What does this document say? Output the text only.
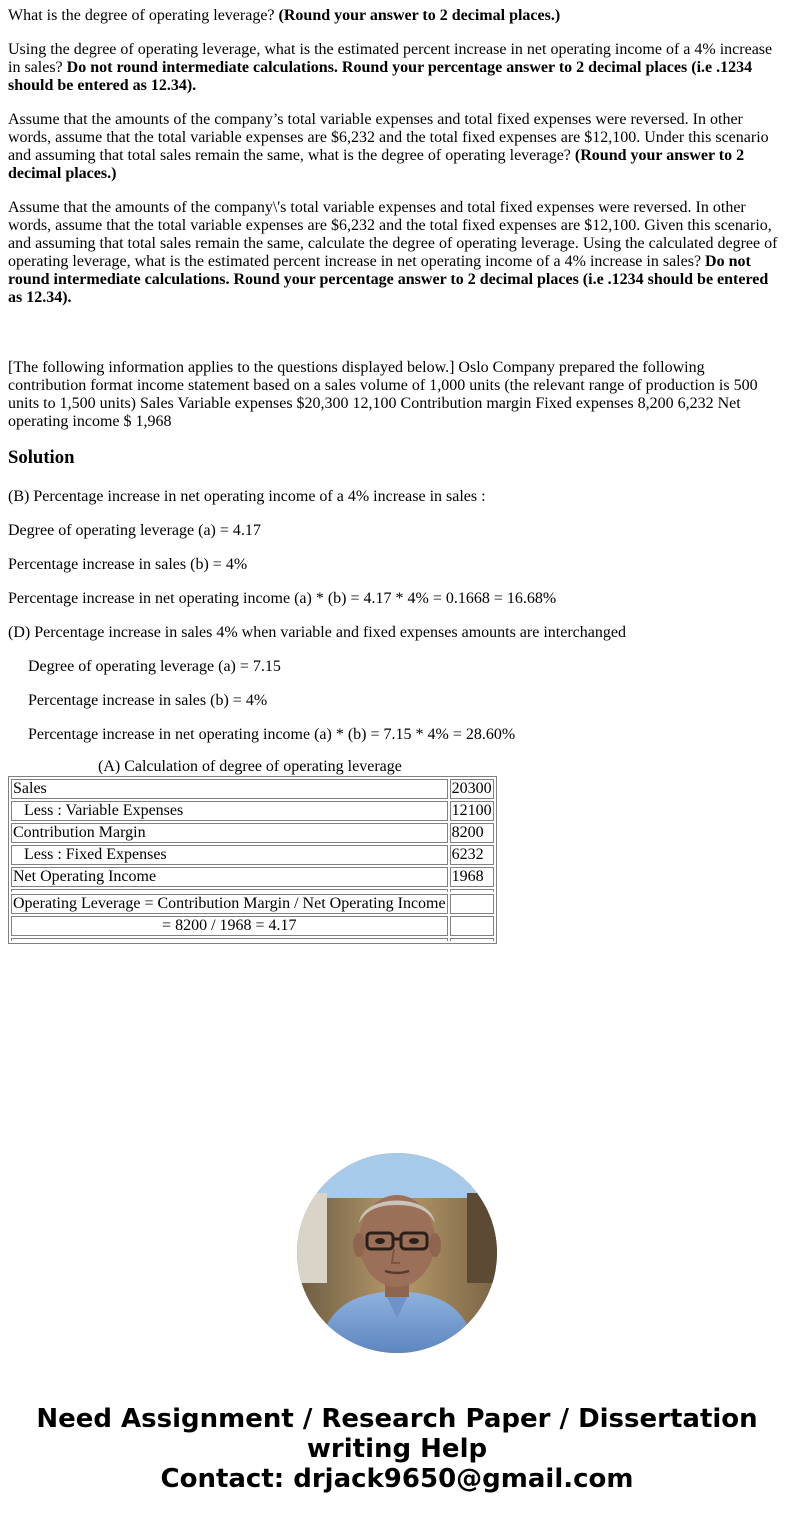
What is the degree of operating leverage? (Round your answer to 2 decimal places.)

Using the degree of operating leverage, what is the estimated percent increase in net operating income of a 4% increase in sales? Do not round intermediate calculations. Round your percentage answer to 2 decimal places (i.e .1234 should be entered as 12.34).

Assume that the amounts of the company’s total variable expenses and total fixed expenses were reversed. In other words, assume that the total variable expenses are $6,232 and the total fixed expenses are $12,100. Under this scenario and assuming that total sales remain the same, what is the degree of operating leverage? (Round your answer to 2 decimal places.)

Assume that the amounts of the company\'s total variable expenses and total fixed expenses were reversed. In other words, assume that the total variable expenses are $6,232 and the total fixed expenses are $12,100. Given this scenario, and assuming that total sales remain the same, calculate the degree of operating leverage. Using the calculated degree of operating leverage, what is the estimated percent increase in net operating income of a 4% increase in sales? Do not round intermediate calculations. Round your percentage answer to 2 decimal places (i.e .1234 should be entered as 12.34).

[The following information applies to the questions displayed below.] Oslo Company prepared the following contribution format income statement based on a sales volume of 1,000 units (the relevant range of production is 500 units to 1,500 units) Sales Variable expenses $20,300 12,100 Contribution margin Fixed expenses 8,200 6,232 Net operating income $ 1,968

Solution

(B) Percentage increase in net operating income of a 4% increase in sales :

Degree of operating leverage (a) = 4.17

Percentage increase in sales (b) = 4%

Percentage increase in net operating income (a) * (b) = 4.17 * 4% = 0.1668 = 16.68%

(D) Percentage increase in sales 4% when variable and fixed expenses amounts are interchanged

Degree of operating leverage (a) = 7.15

Percentage increase in sales (b) = 4%

Percentage increase in net operating income (a) * (b) = 7.15 * 4% = 28.60%

(A) Calculation of degree of operating leverage
Sales	20300
Less : Variable Expenses	12100
Contribution Margin	8200
Less : Fixed Expenses	6232
Net Operating Income	1968

Operating Leverage = Contribution Margin / Net Operating Income	
= 8200 / 1968 = 4.17	

Need Assignment / Research Paper / Dissertation
writing Help
Contact: drjack9650@gmail.com
